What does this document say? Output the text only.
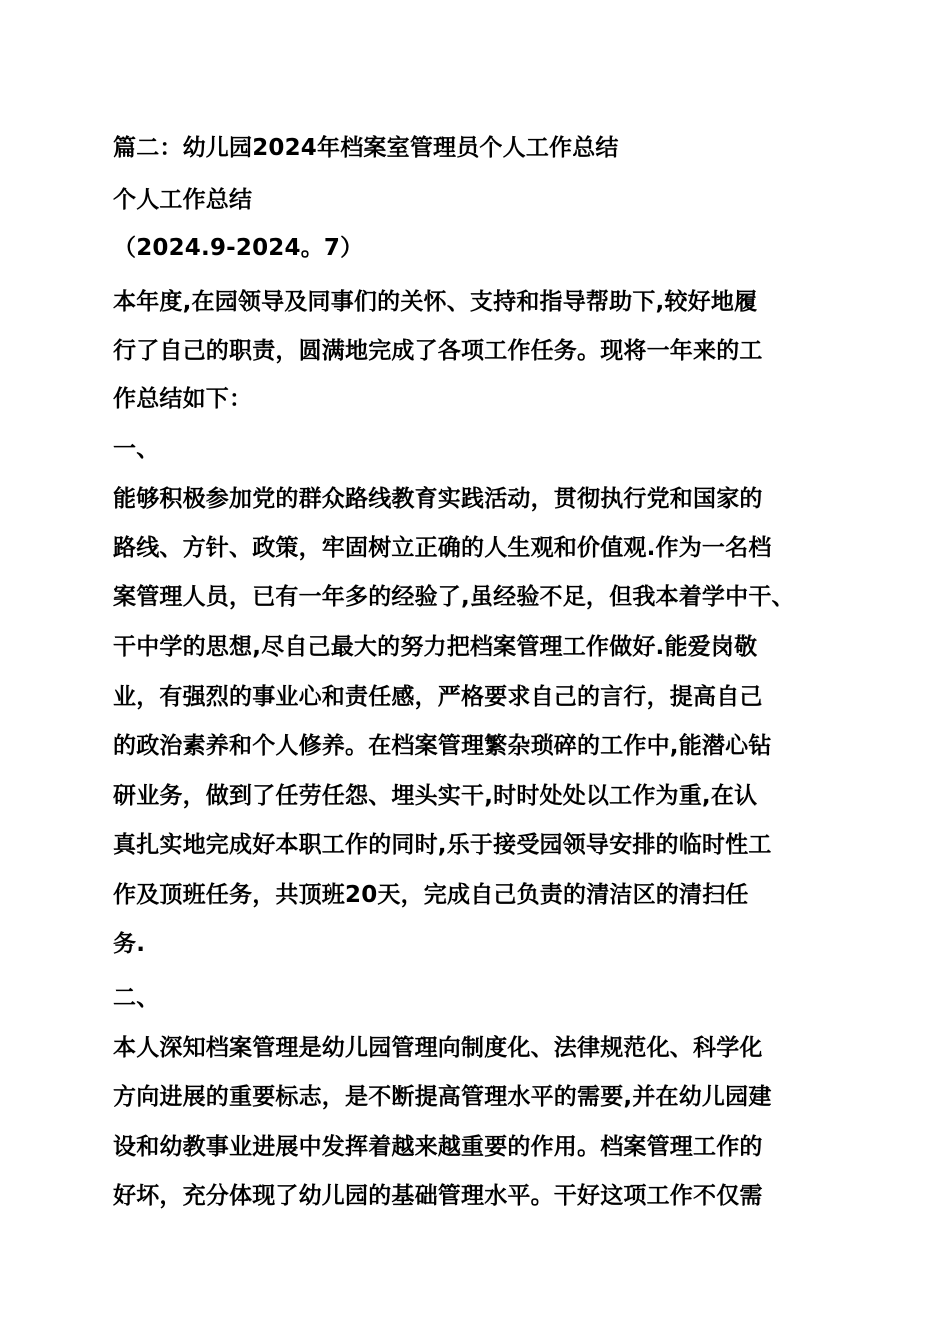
篇二：幼儿园2024年档案室管理员个人工作总结
个人工作总结
（2024.9-2024。7）
本年度,在园领导及同事们的关怀、支持和指导帮助下,较好地履
行了自己的职责，圆满地完成了各项工作任务。现将一年来的工
作总结如下：
一、
能够积极参加党的群众路线教育实践活动，贯彻执行党和国家的
路线、方针、政策，牢固树立正确的人生观和价值观.作为一名档
案管理人员，已有一年多的经验了,虽经验不足，但我本着学中干、
干中学的思想,尽自己最大的努力把档案管理工作做好.能爱岗敬
业，有强烈的事业心和责任感，严格要求自己的言行，提高自己
的政治素养和个人修养。在档案管理繁杂琐碎的工作中,能潜心钻
研业务，做到了任劳任怨、埋头实干,时时处处以工作为重,在认
真扎实地完成好本职工作的同时,乐于接受园领导安排的临时性工
作及顶班任务，共顶班20天，完成自己负责的清洁区的清扫任
务.
二、
本人深知档案管理是幼儿园管理向制度化、法律规范化、科学化
方向进展的重要标志，是不断提高管理水平的需要,并在幼儿园建
设和幼教事业进展中发挥着越来越重要的作用。档案管理工作的
好坏，充分体现了幼儿园的基础管理水平。干好这项工作不仅需
